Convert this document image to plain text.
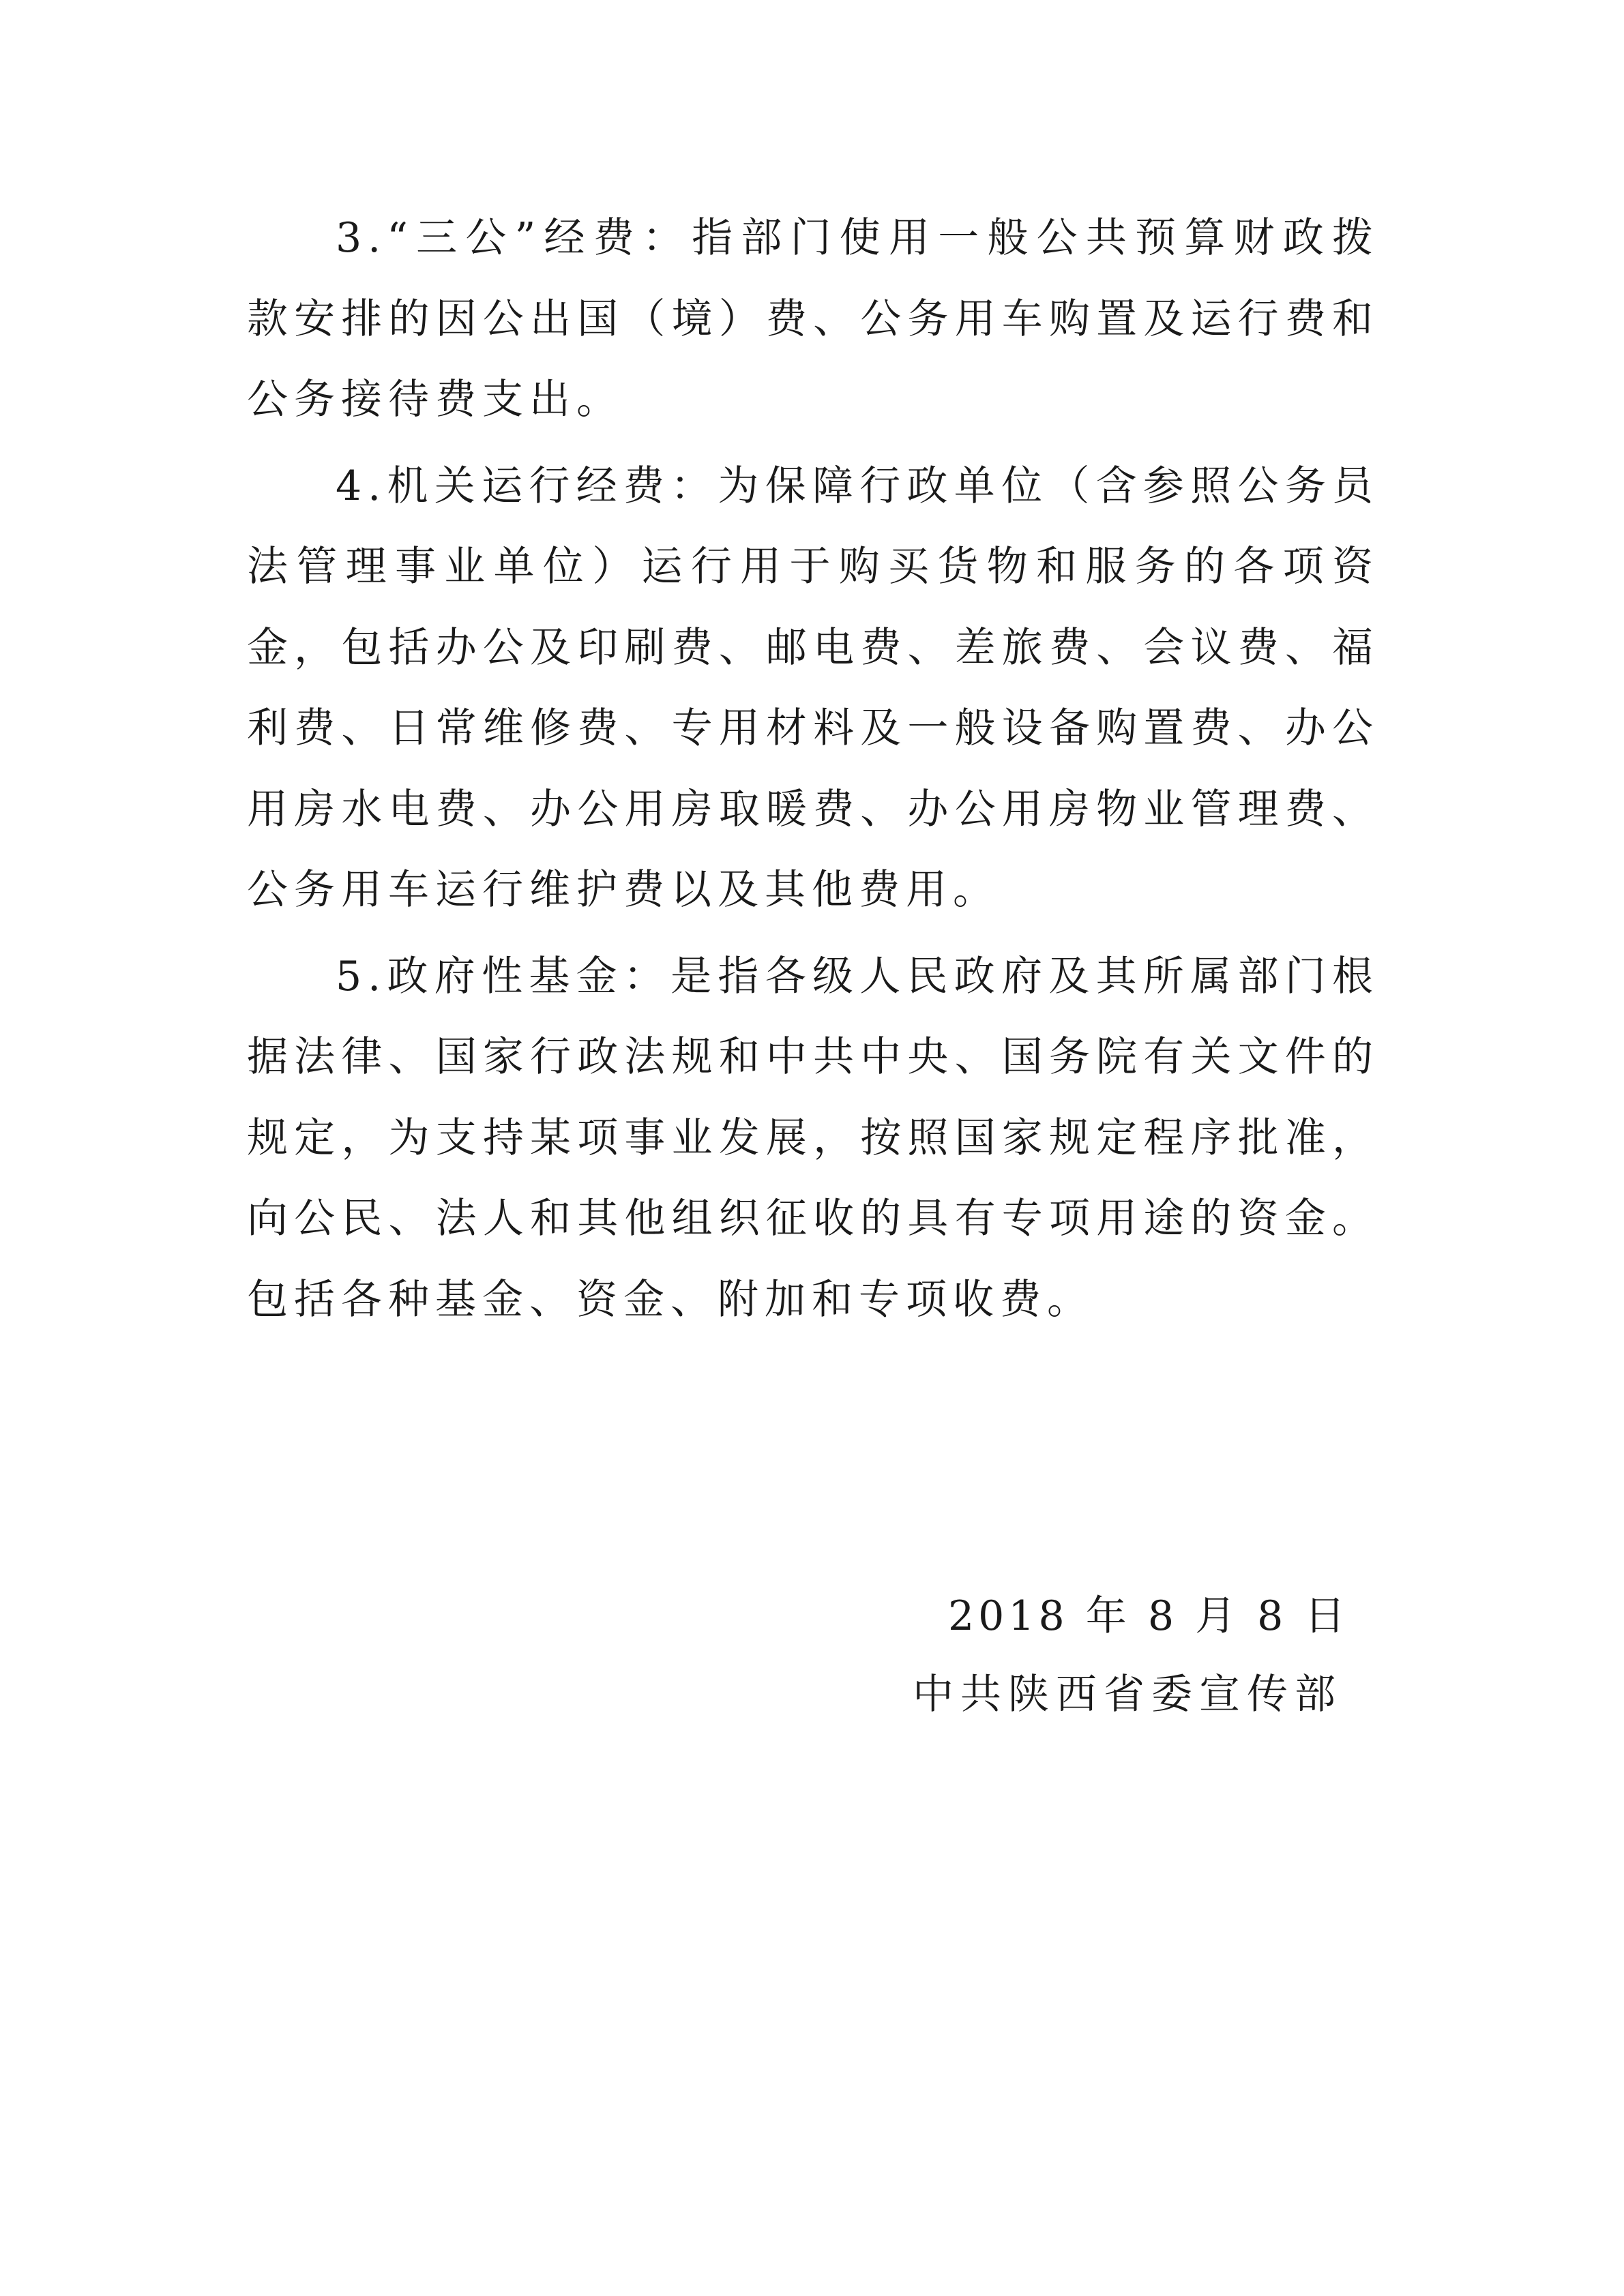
3.“三公”经费：指部门使用一般公共预算财政拨款安排的因公出国（境）费、公务用车购置及运行费和公务接待费支出。

4.机关运行经费：为保障行政单位（含参照公务员法管理事业单位）运行用于购买货物和服务的各项资金，包括办公及印刷费、邮电费、差旅费、会议费、福利费、日常维修费、专用材料及一般设备购置费、办公用房水电费、办公用房取暖费、办公用房物业管理费、公务用车运行维护费以及其他费用。

5.政府性基金：是指各级人民政府及其所属部门根据法律、国家行政法规和中共中央、国务院有关文件的规定，为支持某项事业发展，按照国家规定程序批准，向公民、法人和其他组织征收的具有专项用途的资金。包括各种基金、资金、附加和专项收费。

2018 年 8 月 8 日
中共陕西省委宣传部
